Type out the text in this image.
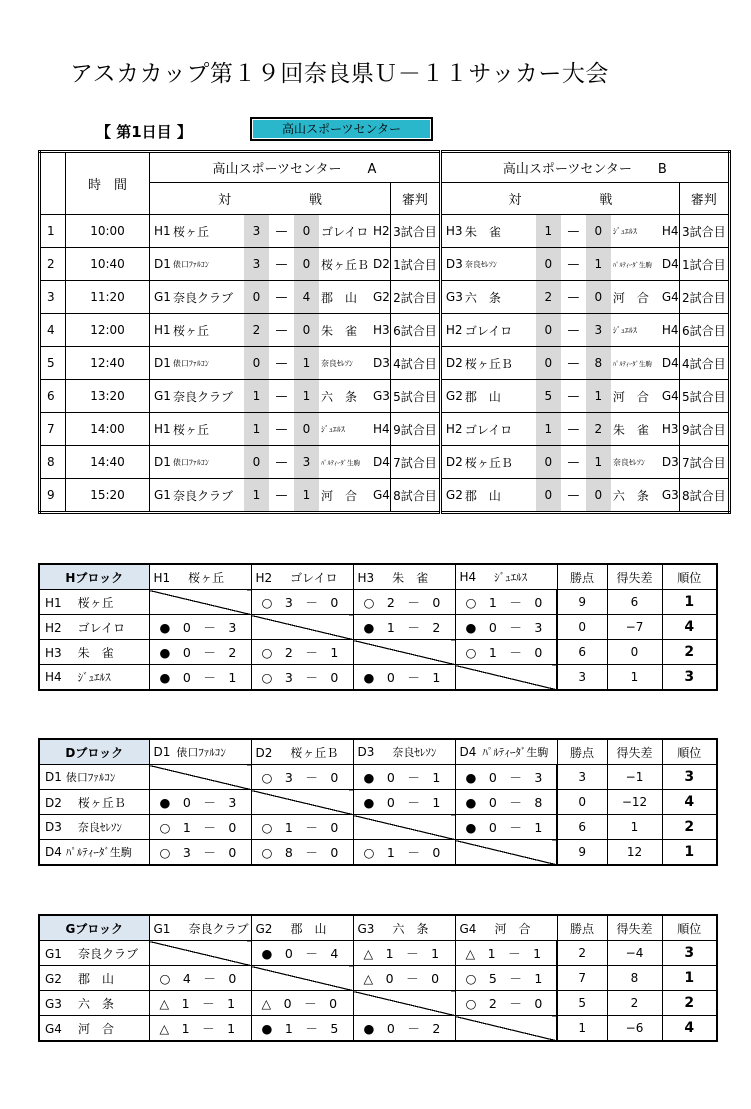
アスカカップ第１９回奈良県Ｕ－１１サッカー大会
【 第1日目 】	高山スポーツセンター
	時　間	高山スポーツセンター　　A								高山スポーツセンター　　B							
		対　　　　　　戦							審判	対　　　　　　戦							審判
1	10:00	H1	桜ヶ丘	3	—	0	ゴレイロ	H2	3試合目	H3	朱　雀	1	—	0	ｼﾞｭｴﾙｽ	H4	3試合目
2	10:40	D1	俵口ﾌｧﾙｺﾝ	3	—	0	桜ヶ丘Ｂ	D2	1試合目	D3	奈良ｾﾚｿﾝ	0	—	1	ﾊﾟﾙﾃｨｰﾀﾞ生駒	D4	1試合目
3	11:20	G1	奈良クラブ	0	—	4	郡　山	G2	2試合目	G3	六　条	2	—	0	河　合	G4	2試合目
4	12:00	H1	桜ヶ丘	2	—	0	朱　雀	H3	6試合目	H2	ゴレイロ	0	—	3	ｼﾞｭｴﾙｽ	H4	6試合目
5	12:40	D1	俵口ﾌｧﾙｺﾝ	0	—	1	奈良ｾﾚｿﾝ	D3	4試合目	D2	桜ヶ丘Ｂ	0	—	8	ﾊﾟﾙﾃｨｰﾀﾞ生駒	D4	4試合目
6	13:20	G1	奈良クラブ	1	—	1	六　条	G3	5試合目	G2	郡　山	5	—	1	河　合	G4	5試合目
7	14:00	H1	桜ヶ丘	1	—	0	ｼﾞｭｴﾙｽ	H4	9試合目	H2	ゴレイロ	1	—	2	朱　雀	H3	9試合目
8	14:40	D1	俵口ﾌｧﾙｺﾝ	0	—	3	ﾊﾟﾙﾃｨｰﾀﾞ生駒	D4	7試合目	D2	桜ヶ丘Ｂ	0	—	1	奈良ｾﾚｿﾝ	D3	7試合目
9	15:20	G1	奈良クラブ	1	—	1	河　合	G4	8試合目	G2	郡　山	0	—	0	六　条	G3	8試合目
Hブロック	H1 桜ヶ丘	H2 ゴレイロ	H3 朱　雀	H4 ｼﾞｭｴﾙｽ	勝点	得失差	順位
H1 桜ヶ丘		○　3　－　0	○　2　－　0	○　1　－　0	9	6	1
H2 ゴレイロ	●　0　－　3		●　1　－　2	●　0　－　3	0	−7	4
H3 朱　雀	●　0　－　2	○　2　－　1		○　1　－　0	6	0	2
H4 ｼﾞｭｴﾙｽ	●　0　－　1	○　3　－　0	●　0　－　1		3	1	3
Dブロック	D1 俵口ﾌｧﾙｺﾝ	D2 桜ヶ丘Ｂ	D3 奈良ｾﾚｿﾝ	D4 ﾊﾟﾙﾃｨｰﾀﾞ生駒	勝点	得失差	順位
D1 俵口ﾌｧﾙｺﾝ		○　3　－　0	●　0　－　1	●　0　－　3	3	−1	3
D2 桜ヶ丘Ｂ	●　0　－　3		●　0　－　1	●　0　－　8	0	−12	4
D3 奈良ｾﾚｿﾝ	○　1　－　0	○　1　－　0		●　0　－　1	6	1	2
D4 ﾊﾟﾙﾃｨｰﾀﾞ生駒	○　3　－　0	○　8　－　0	○　1　－　0		9	12	1
Gブロック	G1 奈良クラブ	G2 郡　山	G3 六　条	G4 河　合	勝点	得失差	順位
G1 奈良クラブ		●　0　－　4	△　1　－　1	△　1　－　1	2	−4	3
G2 郡　山	○　4　－　0		△　0　－　0	○　5　－　1	7	8	1
G3 六　条	△　1　－　1	△　0　－　0		○　2　－　0	5	2	2
G4 河　合	△　1　－　1	●　1　－　5	●　0　－　2		1	−6	4
